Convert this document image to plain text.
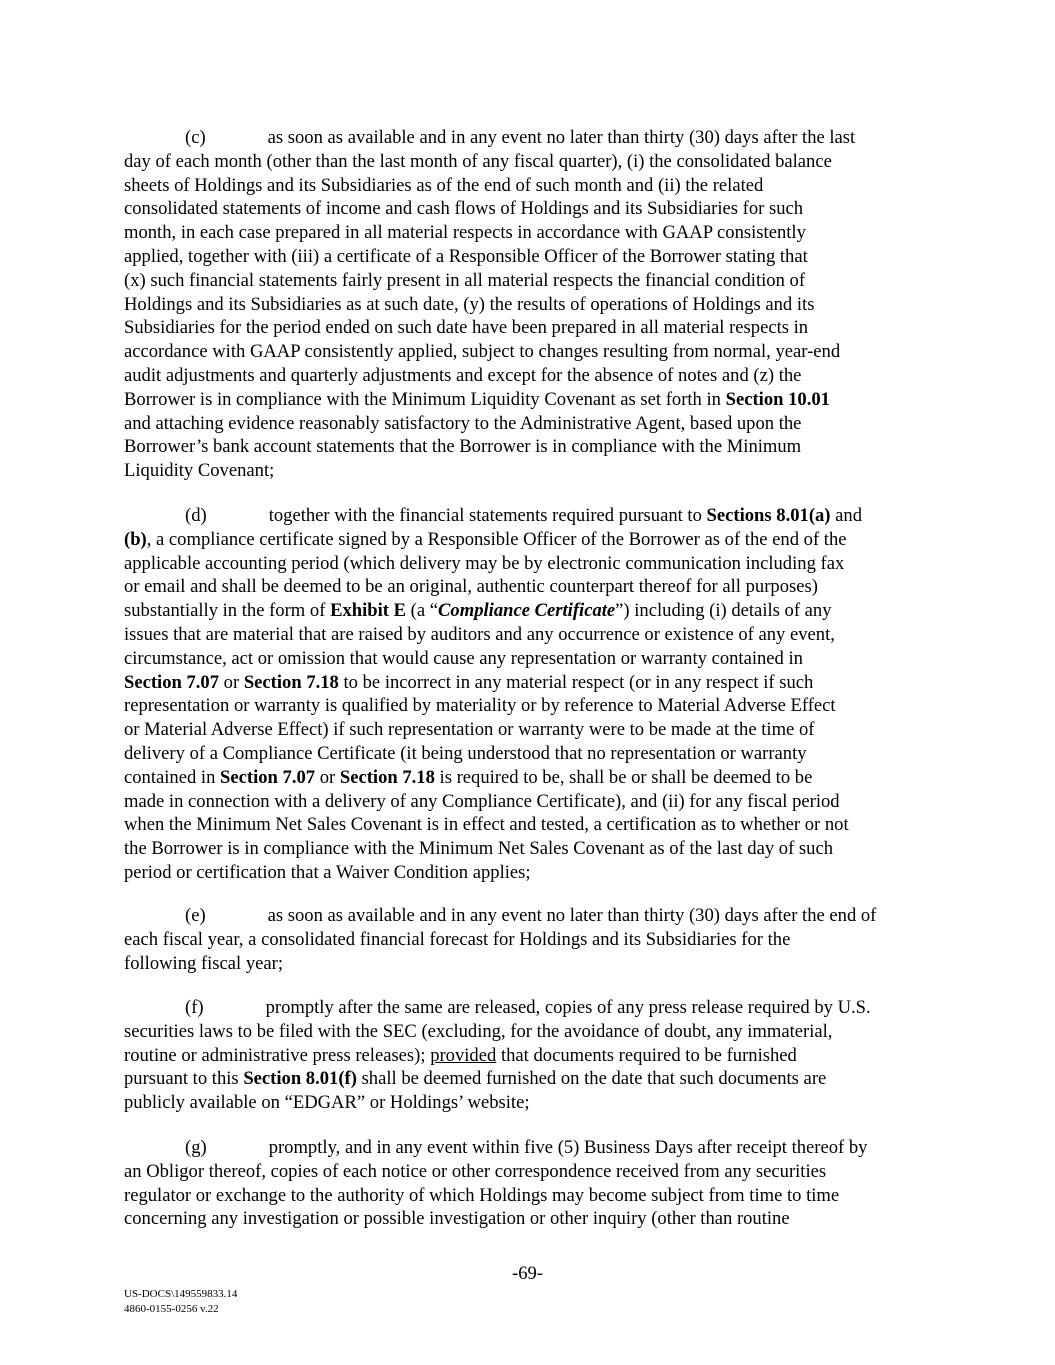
(c)	as soon as available and in any event no later than thirty (30) days after the last
day of each month (other than the last month of any fiscal quarter), (i) the consolidated balance
sheets of Holdings and its Subsidiaries as of the end of such month and (ii) the related
consolidated statements of income and cash flows of Holdings and its Subsidiaries for such
month, in each case prepared in all material respects in accordance with GAAP consistently
applied, together with (iii) a certificate of a Responsible Officer of the Borrower stating that
(x) such financial statements fairly present in all material respects the financial condition of
Holdings and its Subsidiaries as at such date, (y) the results of operations of Holdings and its
Subsidiaries for the period ended on such date have been prepared in all material respects in
accordance with GAAP consistently applied, subject to changes resulting from normal, year-end
audit adjustments and quarterly adjustments and except for the absence of notes and (z) the
Borrower is in compliance with the Minimum Liquidity Covenant as set forth in Section 10.01
and attaching evidence reasonably satisfactory to the Administrative Agent, based upon the
Borrower’s bank account statements that the Borrower is in compliance with the Minimum
Liquidity Covenant;

(d)	together with the financial statements required pursuant to Sections 8.01(a) and
(b), a compliance certificate signed by a Responsible Officer of the Borrower as of the end of the
applicable accounting period (which delivery may be by electronic communication including fax
or email and shall be deemed to be an original, authentic counterpart thereof for all purposes)
substantially in the form of Exhibit E (a “Compliance Certificate”) including (i) details of any
issues that are material that are raised by auditors and any occurrence or existence of any event,
circumstance, act or omission that would cause any representation or warranty contained in
Section 7.07 or Section 7.18 to be incorrect in any material respect (or in any respect if such
representation or warranty is qualified by materiality or by reference to Material Adverse Effect
or Material Adverse Effect) if such representation or warranty were to be made at the time of
delivery of a Compliance Certificate (it being understood that no representation or warranty
contained in Section 7.07 or Section 7.18 is required to be, shall be or shall be deemed to be
made in connection with a delivery of any Compliance Certificate), and (ii) for any fiscal period
when the Minimum Net Sales Covenant is in effect and tested, a certification as to whether or not
the Borrower is in compliance with the Minimum Net Sales Covenant as of the last day of such
period or certification that a Waiver Condition applies;

(e)	as soon as available and in any event no later than thirty (30) days after the end of
each fiscal year, a consolidated financial forecast for Holdings and its Subsidiaries for the
following fiscal year;

(f)	promptly after the same are released, copies of any press release required by U.S.
securities laws to be filed with the SEC (excluding, for the avoidance of doubt, any immaterial,
routine or administrative press releases); provided that documents required to be furnished
pursuant to this Section 8.01(f) shall be deemed furnished on the date that such documents are
publicly available on “EDGAR” or Holdings’ website;

(g)	promptly, and in any event within five (5) Business Days after receipt thereof by
an Obligor thereof, copies of each notice or other correspondence received from any securities
regulator or exchange to the authority of which Holdings may become subject from time to time
concerning any investigation or possible investigation or other inquiry (other than routine

-69-
US-DOCS\149559833.14
4860-0155-0256 v.22
